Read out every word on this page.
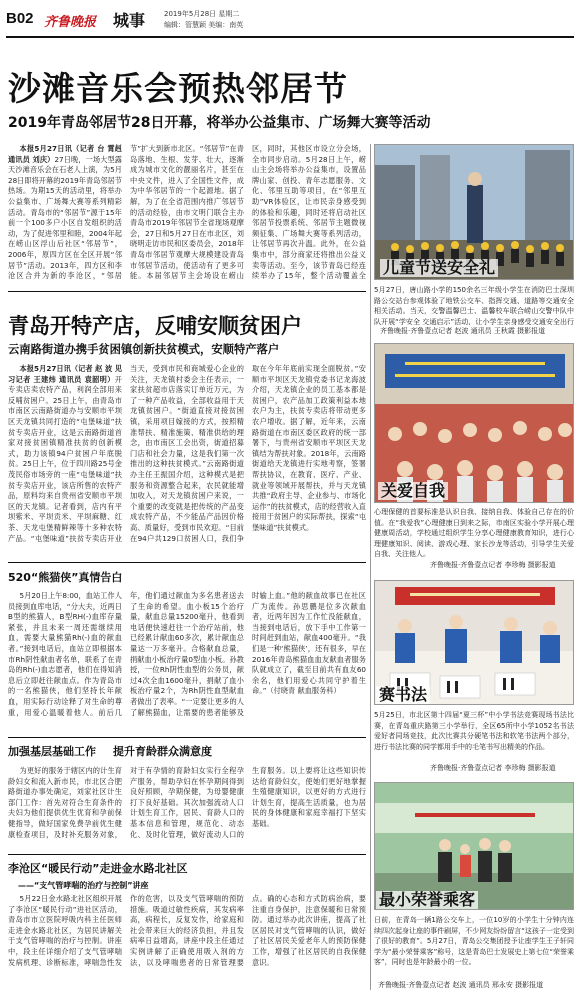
B02 齐鲁晚报 城事	2019年5月28日 星期二
编辑：管慧颖 美编：南英
沙滩音乐会预热邻居节
2019年青岛邻居节28日开幕，将举办公益集市、广场舞大赛等活动

本报5月27日讯（记者 台 霄赳 通讯员 刘庆）27日晚，一场大型露天沙滩音乐会在石老人上演，为5月28日即将开幕的2019年青岛邻居节热场。为期15天的活动里，将举办公益集市、广场舞大赛等系列精彩活动。青岛市的“邻居节”源于15年前一个100多户小区自发组织的活动，为了促进邻里和睦，2004年起在崂山区浮山后社区“邻居节”，2006年，原四方区在全区开展“邻居节”活动。2013年，四方区和李沧区合并为新的李沧区，“邻居节”扩大到新市北区。“邻居节”在青岛落地、生根、发芽、壮大，逐渐成为城市文化的靓丽名片，甚至在中央文件，进入了全国性文件，成为中华邻居节的一个起源地。据了解，为了在全省范围内推广邻居节的活动经验，由市文明门联合主办青岛市2019年邻居节全省现场观摩会，27日和5月27日在市北区，刘晓明走访市民和区委员会，2018年青岛市邻居节观摩大规模建设青岛市邻居节活动，使活动有了更多可能。本届邻居节主会场设在崂山区，同时，其他区市设立分会场，全市同步启动。5月28日上午，崂山主会场将举办公益集市，设置品牌山家、创投、青年志愿服务、文化、邻里互助等项目，在“邻里互助”VR体验区，让市民亲身感受到的体验和乐趣，同时还将启动社区邻居节投票系统、邻居节主题微视频征集、广场舞大赛等系列活动，让邻居节再次升温。此外，在公益集市中，部分商家还将推出公益义卖等活动。至今，该节青岛已经连续举办了15年，整个活动覆盖全

青岛开特产店，反哺安顺贫困户
云南路街道办携手贫困镇创新扶贫模式，安顺特产落户

本报5月27日讯（记者 赵 波 见习记者 王建炜 通讯员 袁韶明）开专卖店卖农特产品，利润全部用来反哺贫困户。25日上午，由青岛市市南区云南路街道办与安顺市平坝区天龙镇共同打造的“屯堡味道”扶贫专卖店开业，这是云南路街道首家对接贫困镇精准扶贫的创新模式，助力该镇94户贫困户年底脱贫。25日上午，位于四川路25号金茂民俗市场旁的一座“屯堡味道”扶贫专卖店开业，该店所售的农特产品，原料均来自贵州省安顺市平坝区的天龙镇。记者看到，店内有平坝紫米、平坝贡米、平坝麻糖、红茶、天龙屯堡精鲜辣等十多种农特产品。“屯堡味道”扶贫专卖店开业当天，受到市民和商城爱心企业的关注，天龙镇村委会主任表示，一家扶贫超市店落实订单近万元，为了一种产品收益，全部收益用于天龙镇贫困户。“街道直接对接贫困镇，采用项目嫁接的方式，按照精准帮扶、精准施策、精准供给的理念，由市南区工会出资，街道招募门店和社会力量，这是我们第一次推出的这种扶贫模式。”云南路街道办主任王振国介绍，这种模式是把服务和资源整合起来，农民就能增加收入，对天龙镇贫困户来说，一个重要的改变就是把传统的产品变成农特产品，不少能品产品因价格高、质量好，受到市民欢迎。“目前在94户共129口贫困人口，我们争取在今年年底前实现全面脱贫。”安顺市平坝区天龙镇党委书记龙海波介绍，天龙镇企业的员工基本都是贫困户，农产品加工政策利益本地农户为主，扶贫专卖店将带动更多农户增收。据了解，近年来，云南路街道在市南区委区政府的统一部署下，与贵州省安顺市平坝区天龙镇结为帮扶对象。2018年，云南路街道给天龙镇进行实地考察，签署帮扶协议，在教育、医疗、产业、就业等领域开展帮扶，并与天龙镇共推“政府主导、企业参与、市场化运作”的扶贫模式，店的经营收入直接用于贫困户的实际帮扶，探索“屯堡味道”扶贫模式。

520“熊猫侠”真情告白

5月20日上午8:00，血站工作人员接到血库电话，“分大夫，近两日B型的熊猫人，B型RH(-)血库存量紧张，并且未来一周还需继续用血，需要大量熊猫Rh(-)血的献血者。”接到电话后，血站立即根据本市Rh阴性献血者名单，联系了在青岛的Rh(-)血志愿者，他们在得知消息后立即赶往献血点。作为青岛市的一名熊猫侠，他们坚持长年献血，用实际行动诠释了对生命的尊重，用爱心温暖着他人。前后几年，他们通过献血为多名患者送去了生命的希望。血小板15个治疗量，献血总量15200毫升，他看到电话便快速赶往一个治疗站前，他已经累计献血60多次，累计献血总量达一万多毫升。合格献血总量，捐献血小板治疗量0型血小板。孙教授，一位Rh阴性血型的公务员，献过4次全血1600毫升，捐献了血小板治疗量2个，为Rh阴性血型献血者做出了表率。“一定要让更多的人了解熊猫血，让需要的患者能够及时输上血。”他的献血故事已在社区广为流传。孙思鹏是位多次献血者，近两年因为工作忙没能献血，当接到电话后，放下手中工作第一时间赶到血站，献血400毫升。“我们是一种‘熊猫侠’，还有很多，早在2016年青岛熊猫血血友献血者服务队就成立了，截至目前共有血友60余名，他们用爱心共同守护着生命。”（付晓青 献血服务科）

加强基层基础工作 提升育龄群众满意度

为更好的服务于辖区内的计生育龄妇女和流入新市民，市北区合肥路街道办事处确定，刘家社区计生部门工作：首先对符合生育条件的夫妇为他们提供优生优育和孕前保健指导，做好国家免费孕前优生健康检查项目，及时补充服务对象，对于有孕情的育龄妇女实行全程孕产服务，帮助孕妇在怀孕期间得到良好照顾，孕期保健，为母婴健康打下良好基础。其次加强流动人口计划生育工作，居民、育龄人口的基本信息和管理，规范化、动态化、及时化管理，做好流动人口的生育服务。以上要将让这些知识传达给育龄妇女，使她们更好地掌握生殖健康知识，以更好的方式进行计划生育，提高生活质量，也为居民的身体健康和家庭幸福打下坚实基础。

李沧区“暖民行动”走进金水路北社区
——“支气管哮喘的治疗与控制”讲座

5月22日金水路北社区组织开展了李沧区“暖民行动”进社区活动，青岛市市立医院呼吸内科主任医师走进金水路北社区，为居民讲解关于支气管哮喘的治疗与控制。讲座中，段主任详细介绍了支气管哮喘发病机理、诊断标准，哮喘急性发作的危害，以及支气管哮喘的预防措施。吸道过敏性疾病，其发病率高，病程长，反复发作，给家庭和社会带来巨大的经济负担，并且发病率日益增高，讲座中段主任通过实例讲解了正确使用吸入剂的方法，以及哮喘患者的日常管理要点。确的心态和方式防病治病，要注重自身保护，注意保暖和日常预防。通过举办此次讲座，提高了社区居民对支气管哮喘的认识，做好了社区居民关爱老年人的预防保健工作，增强了社区居民的自我保健意识。

儿童节送安全礼
5月27日，唐山路小学的150余名三年级小学生在消防巴士深圳路公交站台参观体验了地铁公交车、指挥交通、道路等交通安全相关活动。当天，交警温馨巴士、温馨校车联合崂山交警中队中队开展“学安全 交通启示”活动，让小学生亲身感受交通安全出行
齐鲁晚报·齐鲁壹点记者 赵波 通讯员 王秋霞 摄影报道
关爱自我
心理保健的首要标准是认识自我、接纳自我、体验自己存在的价值。在“我爱我”心理健康日到来之际，市南区实验小学开展心理健康周活动，学校通过组织学生分享心理健康教育知识，进行心理健康知识、阅读、游戏心理、家长沙龙等活动，引导学生关爱自我、关注他人。
齐鲁晚报·齐鲁壹点记者 李珍梅 摄影报道
赛书法
5月25日，市北区第十四届“夏三杯”中小学书法竞赛现场书法比赛，在青岛重庆路第三小学举行，全区65所中小学1052名书法爱好者同场竞技，此次比赛共分硬笔书法和软笔书法两个部分，进行书法比赛的同学都用手中的毛笔书写出精美的作品。
齐鲁晚报·齐鲁壹点记者 李珍梅 摄影报道
最小荣誉乘客
日前，在青岛一辆1路公交车上，一位10岁的小学生十分钟内连续四次起身让座的事件刷屏，不少网友纷纷留言“这孩子一定受到了很好的教育”。5月27日，青岛公交集团授予让座学生王子轩同学为“最小荣誉乘客”称号，这是青岛巴士发展史上第七位“荣誉乘客”，同时也是年龄最小的一位。
齐鲁晚报·齐鲁壹点记者 赵波 通讯员 邢永安 摄影报道
